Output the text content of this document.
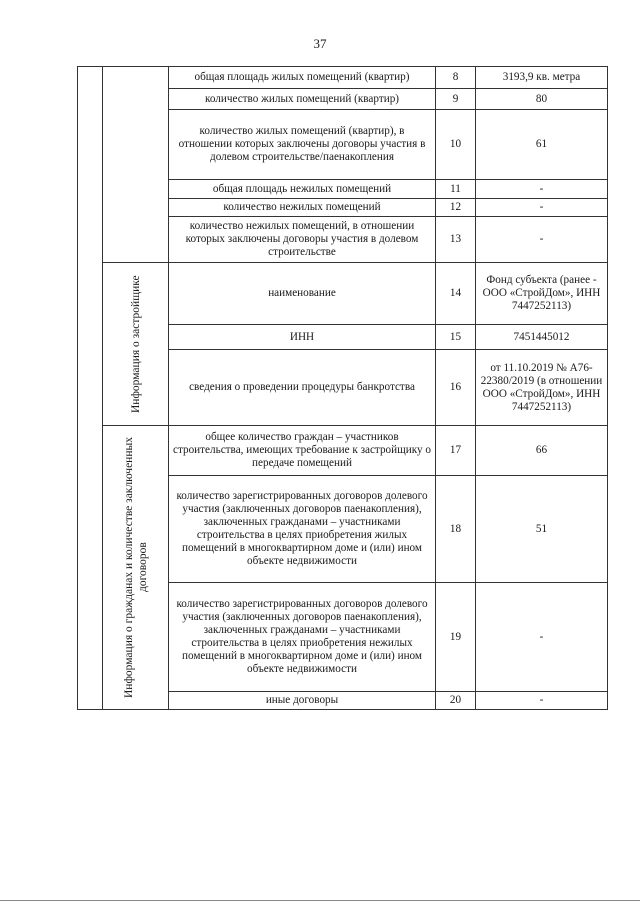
37
		общая площадь жилых помещений (квартир)	8	3193,9 кв. метра
		количество жилых помещений (квартир)	9	80
		количество жилых помещений (квартир), в отношении которых заключены договоры участия в долевом строительстве/паенакопления	10	61
		общая площадь нежилых помещений	11	-
		количество нежилых помещений	12	-
		количество нежилых помещений, в отношении которых заключены договоры участия в долевом строительстве	13	-

	Информация о застройщике	наименование	14	Фонд субъекта (ранее - ООО «СтройДом», ИНН 7447252113)
		ИНН	15	7451445012
		сведения о проведении процедуры банкротства	16	от 11.10.2019 № А76-22380/2019 (в отношении ООО «СтройДом», ИНН 7447252113)

	Информация о гражданах и количестве заключенных договоров	общее количество граждан – участников строительства, имеющих требование к застройщику о передаче помещений	17	66
		количество зарегистрированных договоров долевого участия (заключенных договоров паенакопления), заключенных гражданами – участниками строительства в целях приобретения жилых помещений в многоквартирном доме и (или) ином объекте недвижимости	18	51
		количество зарегистрированных договоров долевого участия (заключенных договоров паенакопления), заключенных гражданами – участниками строительства в целях приобретения нежилых помещений в многоквартирном доме и (или) ином объекте недвижимости	19	-
		иные договоры	20	-
